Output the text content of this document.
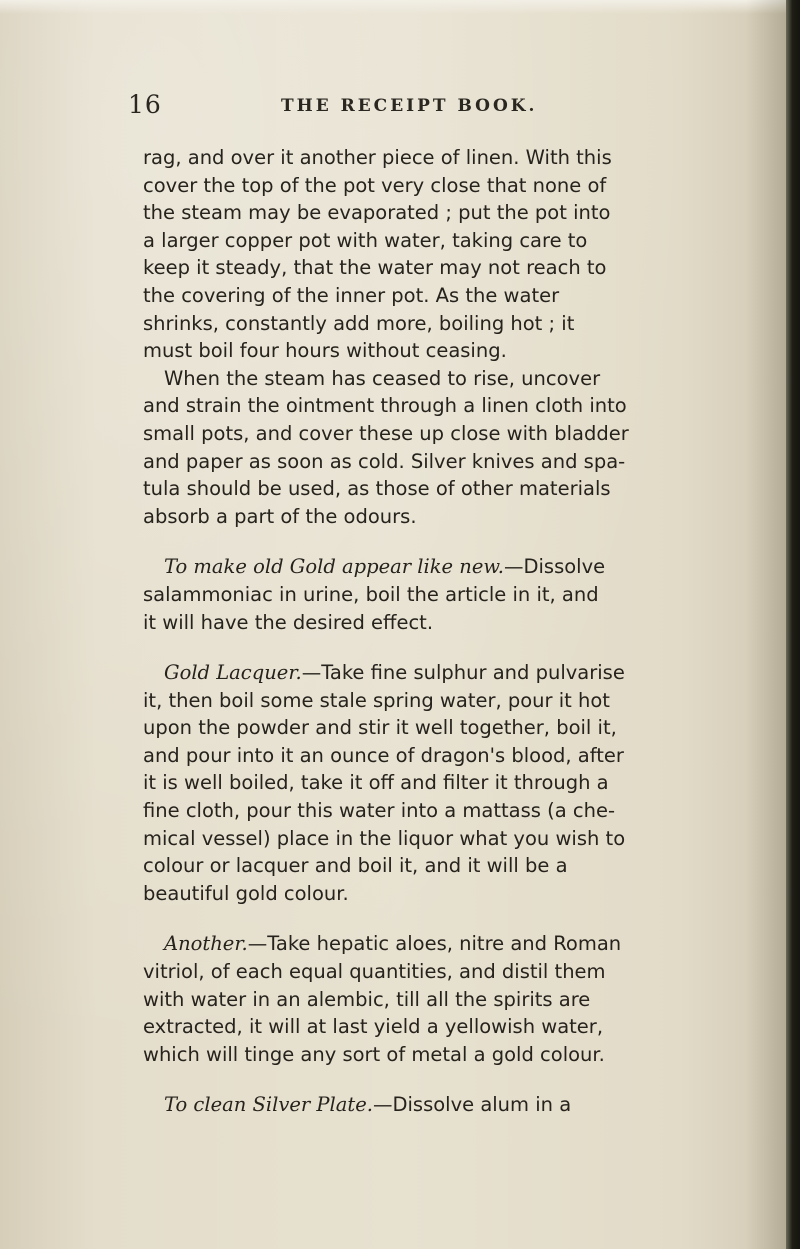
16	THE RECEIPT BOOK.
rag, and over it another piece of linen. With this
cover the top of the pot very close that none of
the steam may be evaporated ; put the pot into
a larger copper pot with water, taking care to
keep it steady, that the water may not reach to
the covering of the inner pot. As the water
shrinks, constantly add more, boiling hot ; it
must boil four hours without ceasing.
When the steam has ceased to rise, uncover
and strain the ointment through a linen cloth into
small pots, and cover these up close with bladder
and paper as soon as cold. Silver knives and spa-
tula should be used, as those of other materials
absorb a part of the odours.
To make old Gold appear like new.—Dissolve
salammoniac in urine, boil the article in it, and
it will have the desired effect.
Gold Lacquer.—Take fine sulphur and pulvarise
it, then boil some stale spring water, pour it hot
upon the powder and stir it well together, boil it,
and pour into it an ounce of dragon's blood, after
it is well boiled, take it off and filter it through a
fine cloth, pour this water into a mattass (a che-
mical vessel) place in the liquor what you wish to
colour or lacquer and boil it, and it will be a
beautiful gold colour.
Another.—Take hepatic aloes, nitre and Roman
vitriol, of each equal quantities, and distil them
with water in an alembic, till all the spirits are
extracted, it will at last yield a yellowish water,
which will tinge any sort of metal a gold colour.
To clean Silver Plate.—Dissolve alum in a
